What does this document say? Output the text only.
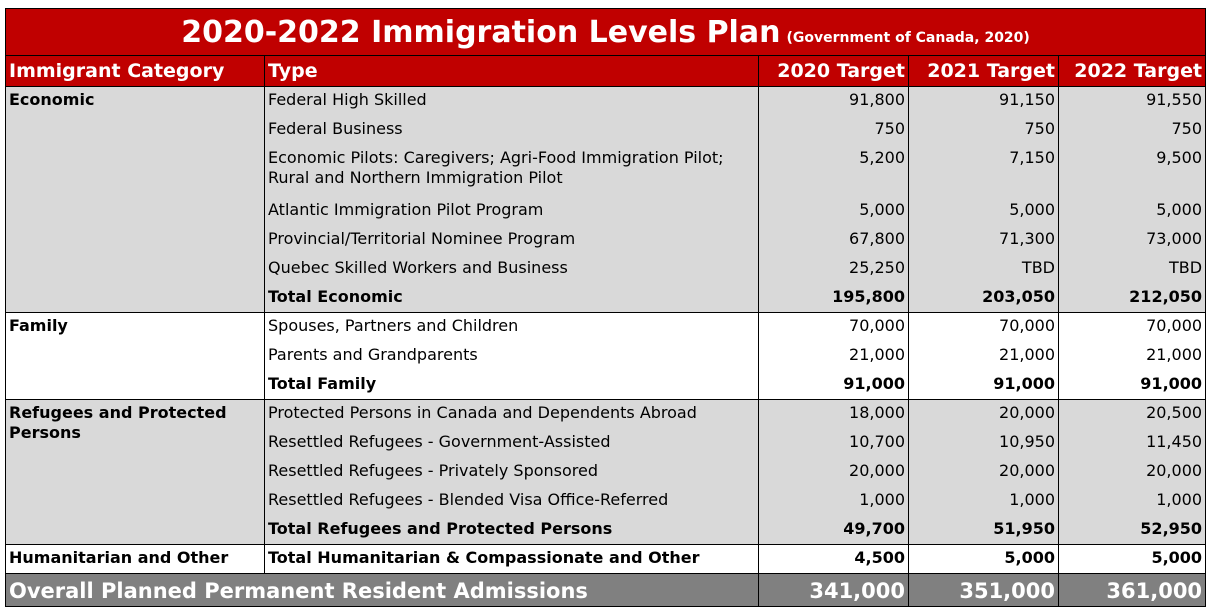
2020-2022 Immigration Levels Plan (Government of Canada, 2020)				
Immigrant Category	Type	2020 Target	2021 Target	2022 Target
Economic	Federal High Skilled	91,800	91,150	91,550
	Federal Business	750	750	750
	Economic Pilots: Caregivers; Agri-Food Immigration Pilot; Rural and Northern Immigration Pilot	5,200	7,150	9,500
	Atlantic Immigration Pilot Program	5,000	5,000	5,000
	Provincial/Territorial Nominee Program	67,800	71,300	73,000
	Quebec Skilled Workers and Business	25,250	TBD	TBD
	Total Economic	195,800	203,050	212,050
Family	Spouses, Partners and Children	70,000	70,000	70,000
	Parents and Grandparents	21,000	21,000	21,000
	Total Family	91,000	91,000	91,000
Refugees and Protected Persons	Protected Persons in Canada and Dependents Abroad	18,000	20,000	20,500
	Resettled Refugees - Government-Assisted	10,700	10,950	11,450
	Resettled Refugees - Privately Sponsored	20,000	20,000	20,000
	Resettled Refugees - Blended Visa Office-Referred	1,000	1,000	1,000
	Total Refugees and Protected Persons	49,700	51,950	52,950
Humanitarian and Other	Total Humanitarian & Compassionate and Other	4,500	5,000	5,000
Overall Planned Permanent Resident Admissions		341,000	351,000	361,000
